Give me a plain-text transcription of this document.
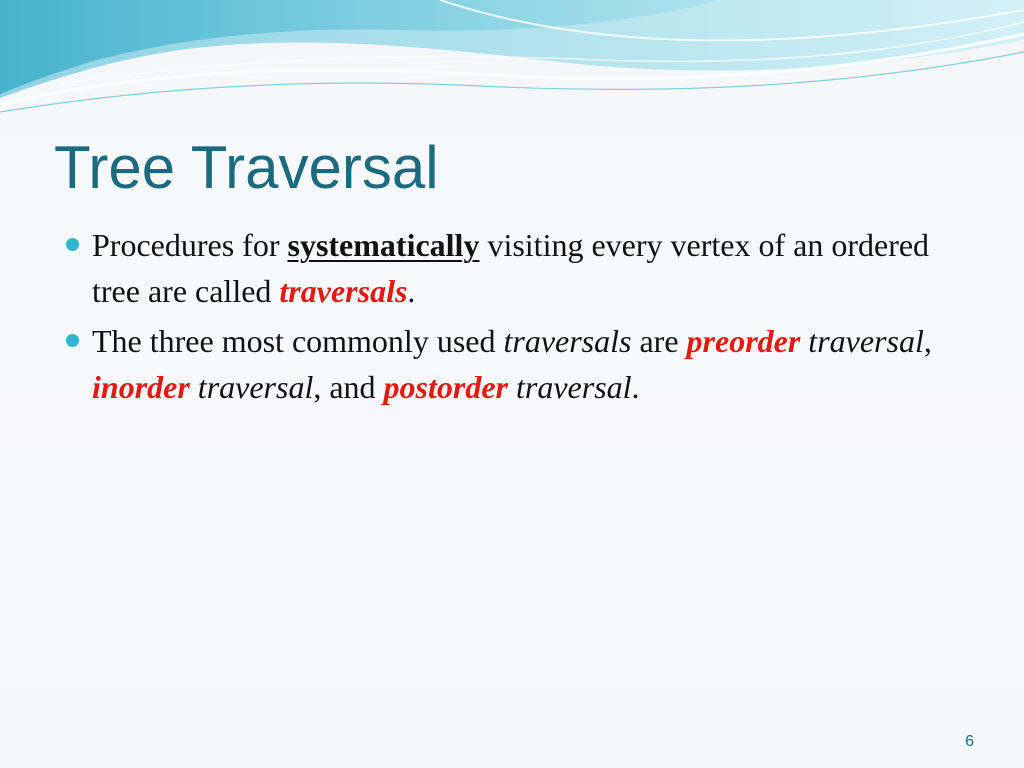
Tree Traversal
Procedures for systematically visiting every vertex of an ordered tree are called traversals.
The three most commonly used traversals are preorder traversal, inorder traversal, and postorder traversal.
6
